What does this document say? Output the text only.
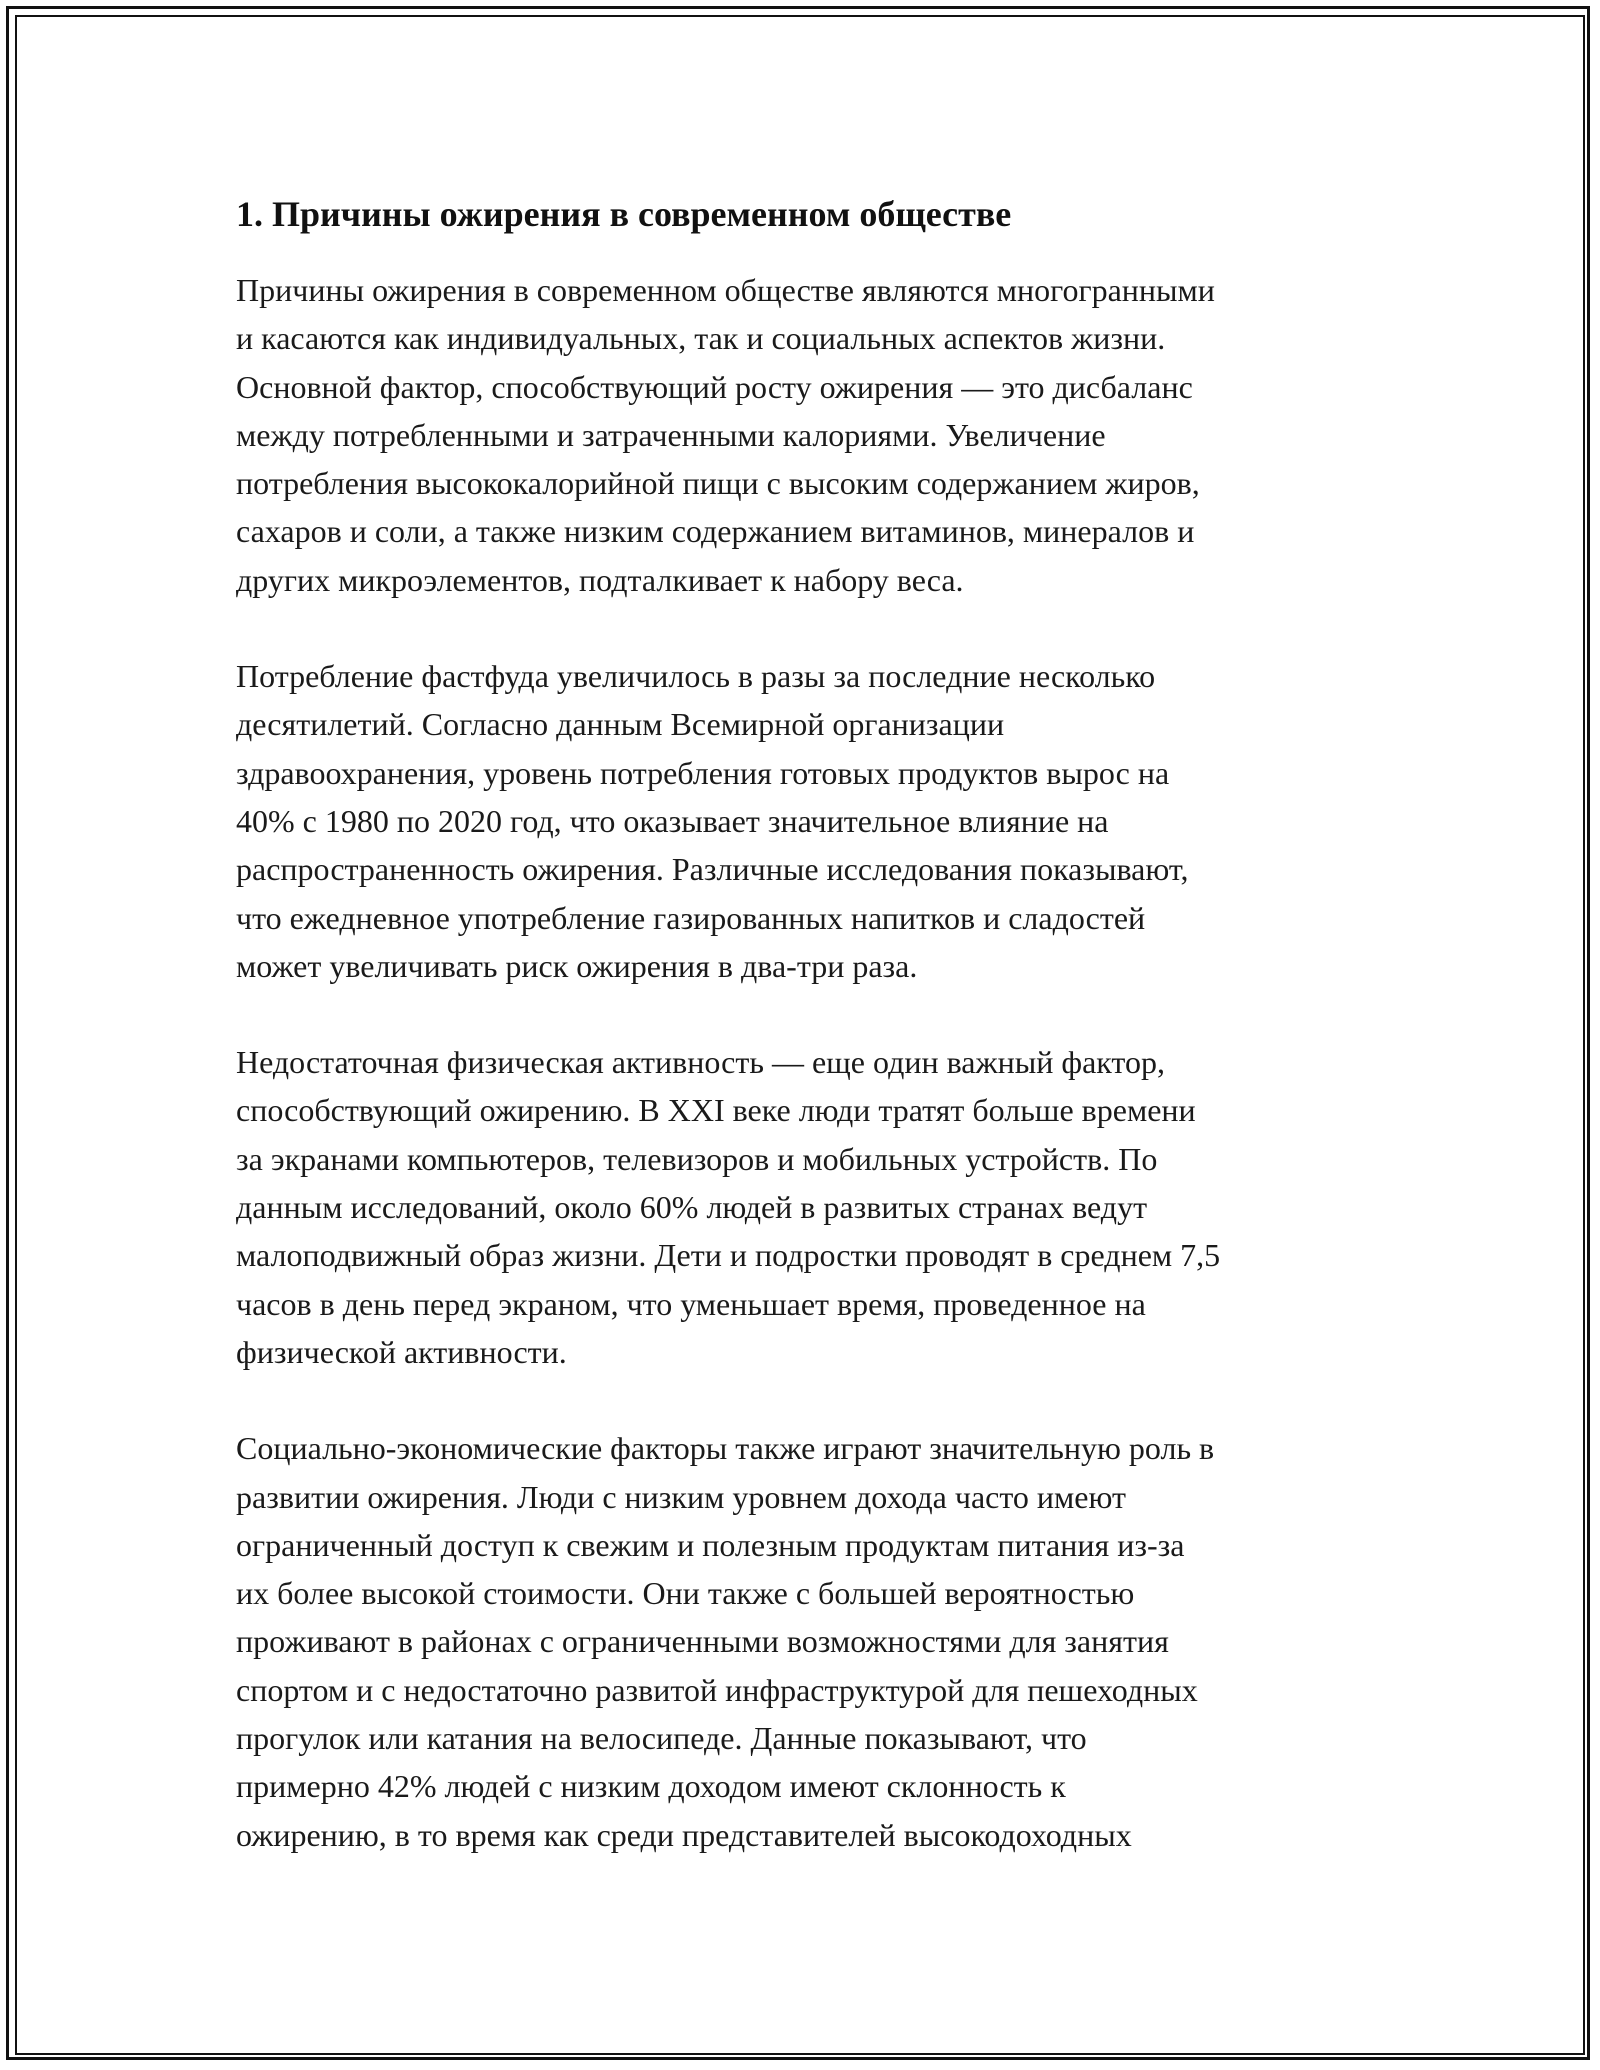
1. Причины ожирения в современном обществе

Причины ожирения в современном обществе являются многогранными
и касаются как индивидуальных, так и социальных аспектов жизни.
Основной фактор, способствующий росту ожирения — это дисбаланс
между потребленными и затраченными калориями. Увеличение
потребления высококалорийной пищи с высоким содержанием жиров,
сахаров и соли, а также низким содержанием витаминов, минералов и
других микроэлементов, подталкивает к набору веса.

Потребление фастфуда увеличилось в разы за последние несколько
десятилетий. Согласно данным Всемирной организации
здравоохранения, уровень потребления готовых продуктов вырос на
40% с 1980 по 2020 год, что оказывает значительное влияние на
распространенность ожирения. Различные исследования показывают,
что ежедневное употребление газированных напитков и сладостей
может увеличивать риск ожирения в два-три раза.

Недостаточная физическая активность — еще один важный фактор,
способствующий ожирению. В XXI веке люди тратят больше времени
за экранами компьютеров, телевизоров и мобильных устройств. По
данным исследований, около 60% людей в развитых странах ведут
малоподвижный образ жизни. Дети и подростки проводят в среднем 7,5
часов в день перед экраном, что уменьшает время, проведенное на
физической активности.

Социально-экономические факторы также играют значительную роль в
развитии ожирения. Люди с низким уровнем дохода часто имеют
ограниченный доступ к свежим и полезным продуктам питания из-за
их более высокой стоимости. Они также с большей вероятностью
проживают в районах с ограниченными возможностями для занятия
спортом и с недостаточно развитой инфраструктурой для пешеходных
прогулок или катания на велосипеде. Данные показывают, что
примерно 42% людей с низким доходом имеют склонность к
ожирению, в то время как среди представителей высокодоходных
